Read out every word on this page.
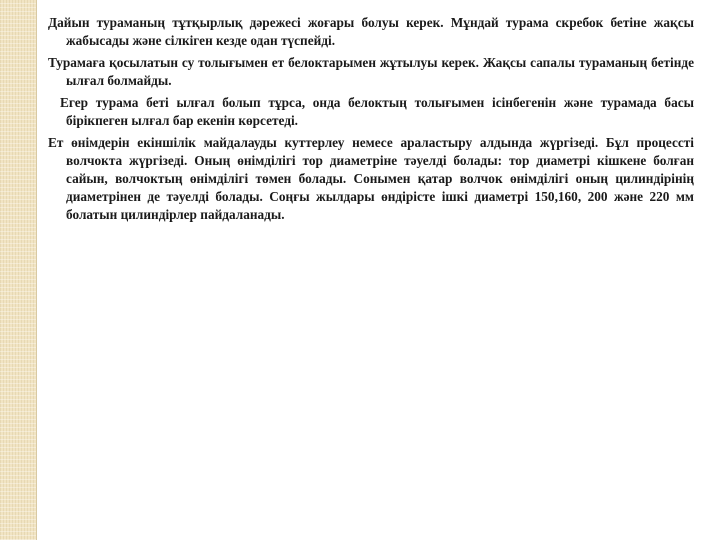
Дайын тураманың тұтқырлық дәрежесі жоғары болуы керек. Мұндай турама скребок бетіне жақсы жабысады және сілкіген кезде одан түспейді.

Турамаға қосылатын су толығымен ет белоктарымен жұтылуы керек. Жақсы сапалы тураманың бетінде ылғал болмайды.

Егер турама беті ылғал болып тұрса, онда белоктың толығымен ісінбегенін және турамада басы бірікпеген ылғал бар екенін көрсетеді.

Ет өнімдерін екіншілік майдалауды куттерлеу немесе араластыру алдында жүргізеді. Бұл процессті волчокта жүргізеді. Оның өнімділігі тор диаметріне тәуелді болады: тор диаметрі кішкене болған сайын, волчоктың өнімділігі төмен болады. Сонымен қатар волчок өнімділігі оның цилиндірінің диаметрінен де тәуелді болады. Соңғы жылдары өндірісте ішкі диаметрі 150,160, 200 және 220 мм болатын цилиндірлер пайдаланады.
